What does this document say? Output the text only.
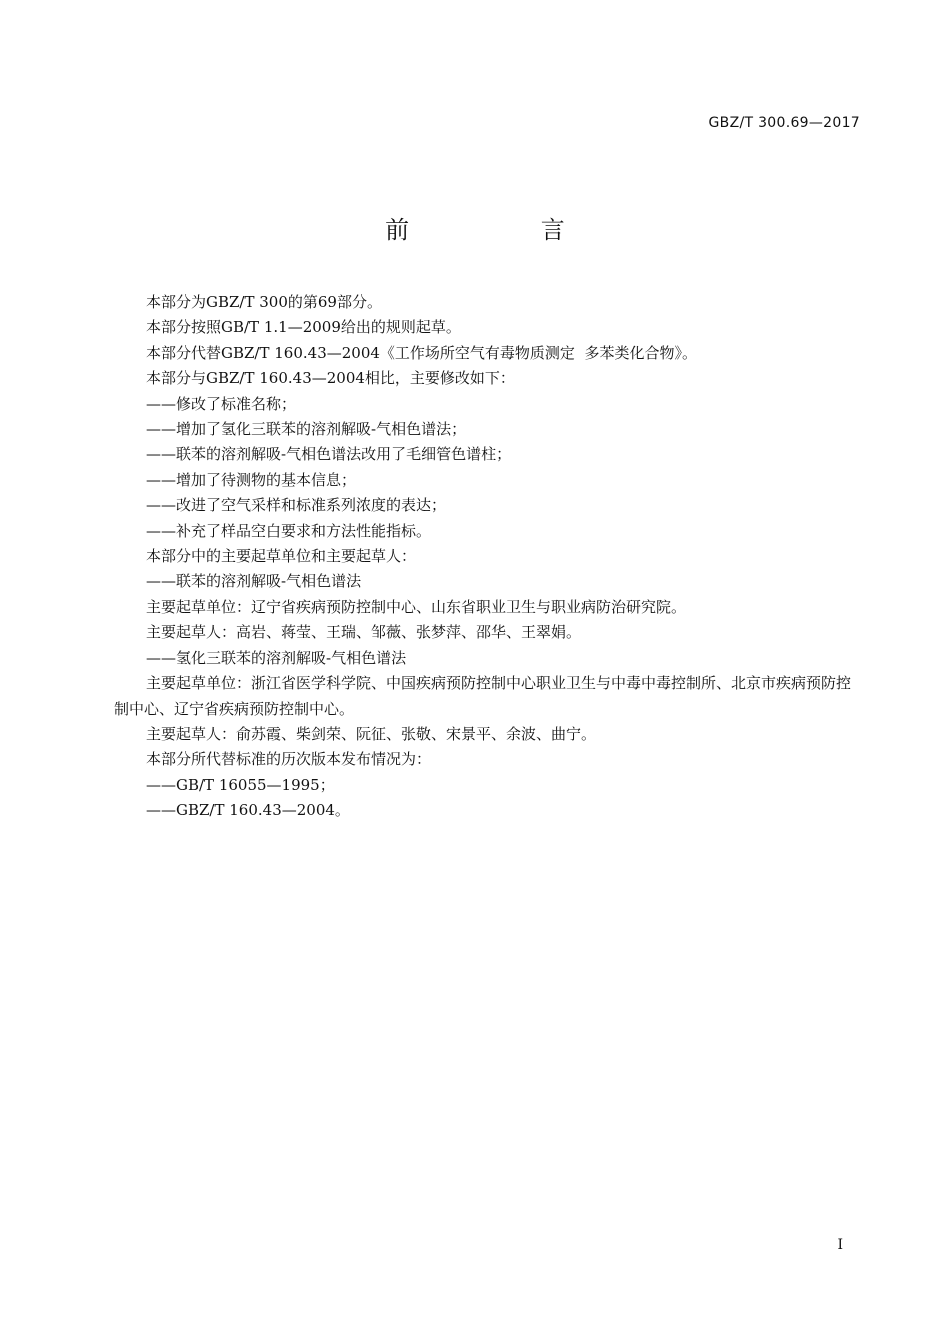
GBZ/T 300.69—2017
前 言

本部分为GBZ/T 300的第69部分。

本部分按照GB/T 1.1—2009给出的规则起草。

本部分代替GBZ/T 160.43—2004《工作场所空气有毒物质测定  多苯类化合物》。

本部分与GBZ/T 160.43—2004相比，主要修改如下：

——修改了标准名称；

——增加了氢化三联苯的溶剂解吸-气相色谱法；

——联苯的溶剂解吸-气相色谱法改用了毛细管色谱柱；

——增加了待测物的基本信息；

——改进了空气采样和标准系列浓度的表达；

——补充了样品空白要求和方法性能指标。

本部分中的主要起草单位和主要起草人：

——联苯的溶剂解吸-气相色谱法

主要起草单位：辽宁省疾病预防控制中心、山东省职业卫生与职业病防治研究院。

主要起草人：高岩、蒋莹、王瑞、邹薇、张梦萍、邵华、王翠娟。

——氢化三联苯的溶剂解吸-气相色谱法

主要起草单位：浙江省医学科学院、中国疾病预防控制中心职业卫生与中毒中毒控制所、北京市疾病预防控制中心、辽宁省疾病预防控制中心。

主要起草人：俞苏霞、柴剑荣、阮征、张敬、宋景平、余波、曲宁。

本部分所代替标准的历次版本发布情况为：

——GB/T 16055—1995；

——GBZ/T 160.43—2004。

I
